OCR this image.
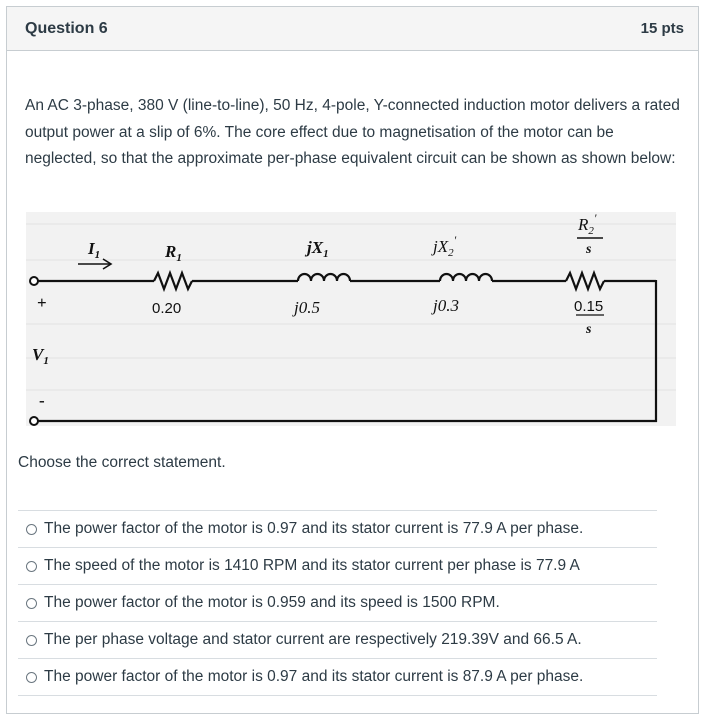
Question 6	15 pts
An AC 3-phase, 380 V (line-to-line), 50 Hz, 4-pole, Y-connected induction motor delivers a rated output power at a slip of 6%. The core effect due to magnetisation of the motor can be neglected, so that the approximate per-phase equivalent circuit can be shown as shown below:
$I_1$	$R_1$
$jX_1$	$jX_2'$
$R_2'$
s
$V_1$
+
-
0.20	j0.5	j0.3	0.15
s
Choose the correct statement.
The power factor of the motor is 0.97 and its stator current is 77.9 A per phase.
The speed of the motor is 1410 RPM and its stator current per phase is 77.9 A
The power factor of the motor is 0.959 and its speed is 1500 RPM.
The per phase voltage and stator current are respectively 219.39V and 66.5 A.
The power factor of the motor is 0.97 and its stator current is 87.9 A per phase.
